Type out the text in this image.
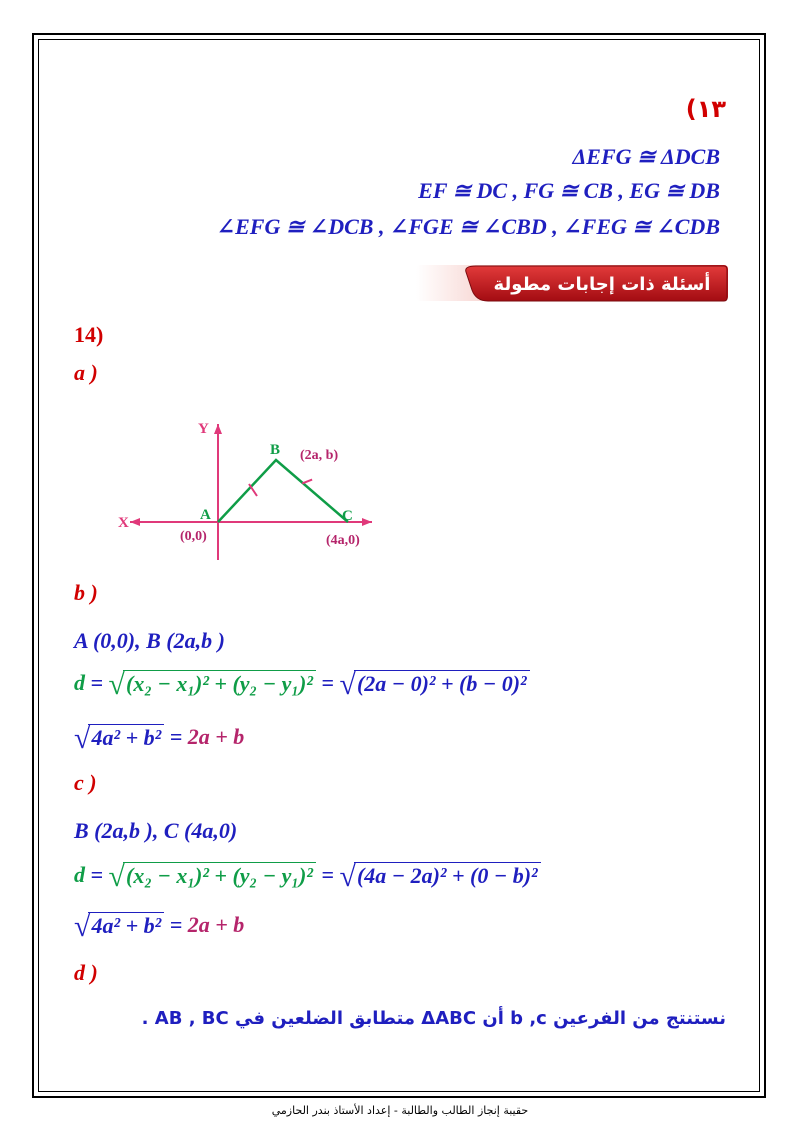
١٣)
ΔEFG ≅ ΔDCB
EF ≅ DC , FG ≅ CB , EG ≅ DB
∠EFG ≅ ∠DCB , ∠FGE ≅ ∠CBD , ∠FEG ≅ ∠CDB
أسئلة ذات إجابات مطولة
14)
a )
Y
X	A
B
C
(0,0)
(2a, b)
(4a,0)
b )
A (0,0), B (2a,b )
d = √(x₂ − x₁)² + (y₂ − y₁)² = √(2a − 0)² + (b − 0)²
√4a² + b² = 2a + b
c )
B (2a,b ), C (4a,0)
d = √(x₂ − x₁)² + (y₂ − y₁)² = √(4a − 2a)² + (0 − b)²
√4a² + b² = 2a + b
d )
نستنتج من الفرعين b ,c أن ΔABC متطابق الضلعين في AB , BC .
حقيبة إنجاز الطالب والطالبة - إعداد الأستاذ بندر الحازمي
